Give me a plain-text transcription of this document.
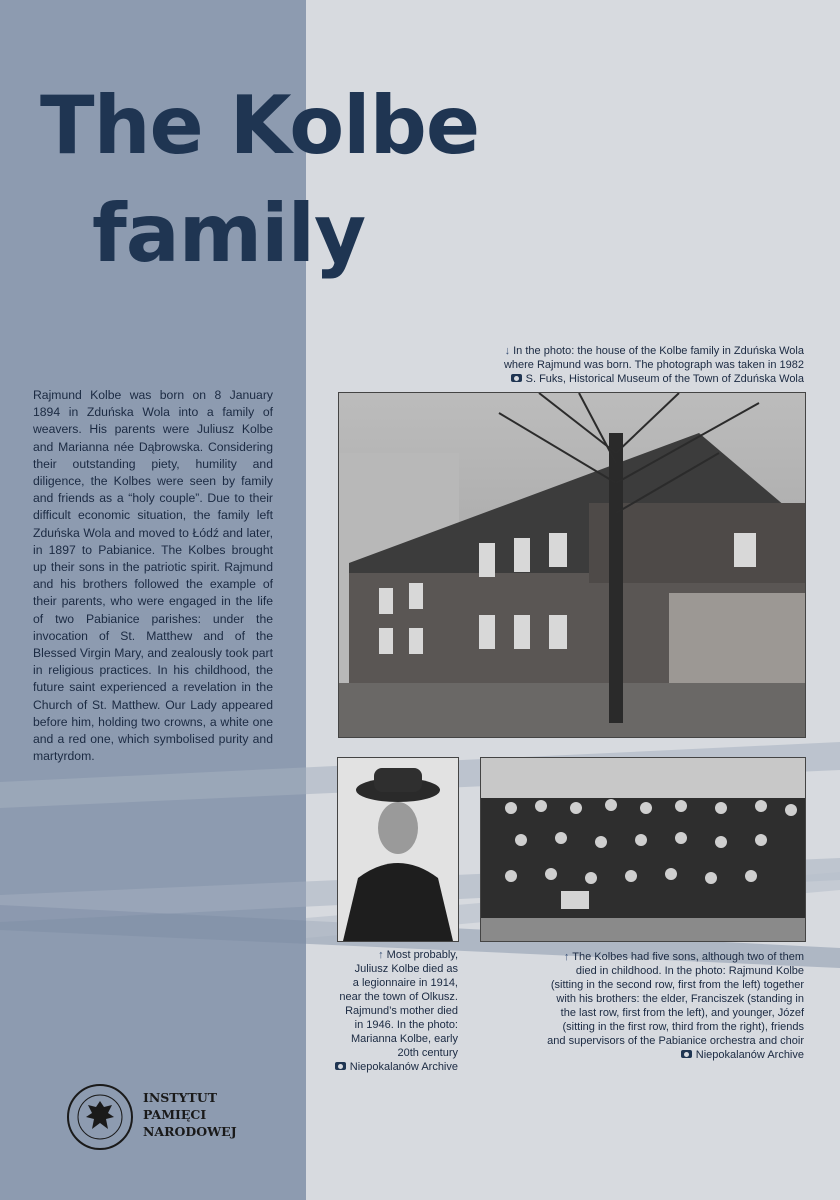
The Kolbe
family

Rajmund Kolbe was born on 8 January 1894 in Zduńska Wola into a family of weavers. His parents were Juliusz Kolbe and Marianna née Dąbrowska. Considering their outstanding piety, humility and diligence, the Kolbes were seen by family and friends as a “holy couple”. Due to their difficult economic situation, the family left Zduńska Wola and moved to Łódź and later, in 1897 to Pabianice. The Kolbes brought up their sons in the patriotic spirit. Rajmund and his brothers followed the example of their parents, who were engaged in the life of two Pabianice parishes: under the invocation of St. Matthew and of the Blessed Virgin Mary, and zealously took part in religious practices. In his childhood, the future saint experienced a revelation in the Church of St. Matthew. Our Lady appeared before him, holding two crowns, a white one and a red one, which symbolised purity and martyrdom.

↓ In the photo: the house of the Kolbe family in Zduńska Wola
where Rajmund was born. The photograph was taken in 1982
S. Fuks, Historical Museum of the Town of Zduńska Wola
↑ Most probably,
Juliusz Kolbe died as
a legionnaire in 1914,
near the town of Olkusz.
Rajmund’s mother died
in 1946. In the photo:
Marianna Kolbe, early
20th century
Niepokalanów Archive
↑ The Kolbes had five sons, although two of them
died in childhood. In the photo: Rajmund Kolbe
(sitting in the second row, first from the left) together
with his brothers: the elder, Franciszek (standing in
the last row, first from the left), and younger, Józef
(sitting in the first row, third from the right), friends
and supervisors of the Pabianice orchestra and choir
Niepokalanów Archive
INSTYTUT
PAMIĘCI
NARODOWEJ
